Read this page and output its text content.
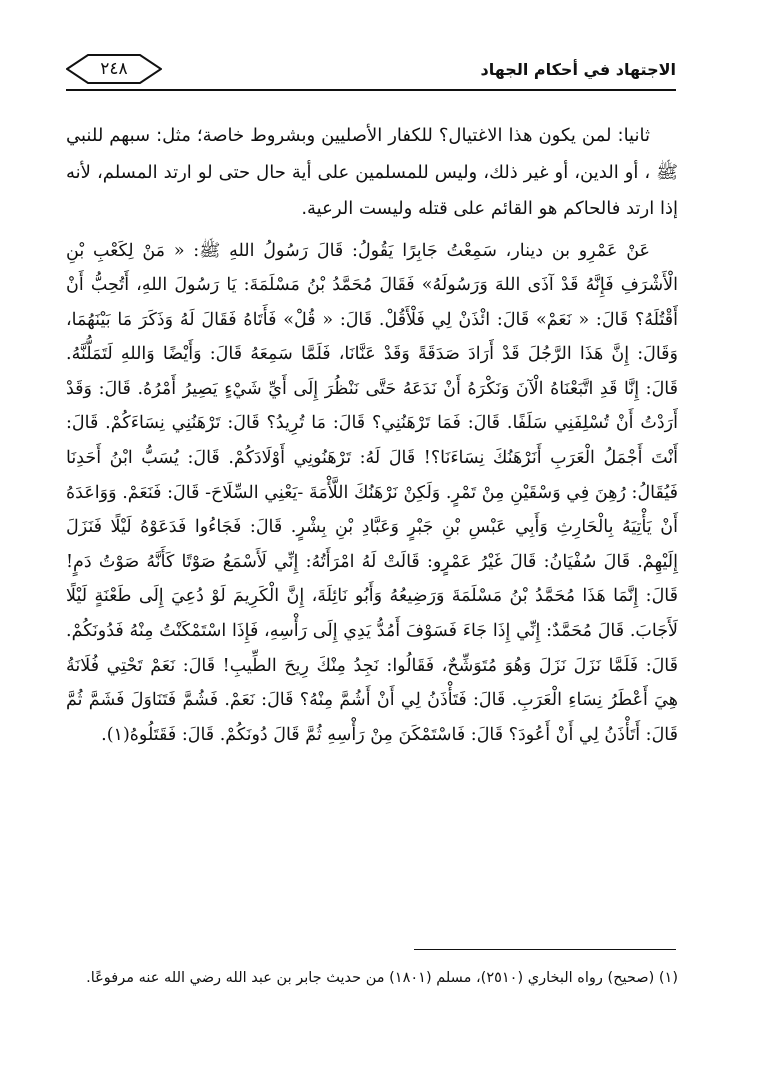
الاجتهاد في أحكام الجهاد
٢٤٨

ثانيا: لمن يكون هذا الاغتيال؟ للكفار الأصليين وبشروط خاصة؛ مثل: سبهم للنبي ﷺ ، أو الدين، أو غير ذلك، وليس للمسلمين على أية حال حتى لو ارتد المسلم، لأنه إذا ارتد فالحاكم هو القائم على قتله وليست الرعية.

عَنْ عَمْرِو بن دينار، سَمِعْتُ جَابِرًا يَقُولُ: قَالَ رَسُولُ اللهِ ﷺ: « مَنْ لِكَعْبِ بْنِ الْأَشْرَفِ فَإِنَّهُ قَدْ آذَى اللهَ وَرَسُولَهُ» فَقَالَ مُحَمَّدُ بْنُ مَسْلَمَةَ: يَا رَسُولَ اللهِ، أَتُحِبُّ أَنْ أَقْتُلَهُ؟ قَالَ: « نَعَمْ» قَالَ: ائْذَنْ لِي فَلْأَقُلْ. قَالَ: « قُلْ» فَأَتَاهُ فَقَالَ لَهُ وَذَكَرَ مَا بَيْنَهُمَا، وَقَالَ: إِنَّ هَذَا الرَّجُلَ قَدْ أَرَادَ صَدَقَةً وَقَدْ عَنَّانَا، فَلَمَّا سَمِعَهُ قَالَ: وَأَيْضًا وَاللهِ لَتَمَلُّنَّهُ. قَالَ: إِنَّا قَدِ اتَّبَعْنَاهُ الْآنَ وَنَكْرَهُ أَنْ نَدَعَهُ حَتَّى نَنْظُرَ إِلَى أَيِّ شَيْءٍ يَصِيرُ أَمْرُهُ. قَالَ: وَقَدْ أَرَدْتُ أَنْ تُسْلِفَنِي سَلَفًا. قَالَ: فَمَا تَرْهَنُنِي؟ قَالَ: مَا تُرِيدُ؟ قَالَ: تَرْهَنُنِي نِسَاءَكُمْ. قَالَ: أَنْتَ أَجْمَلُ الْعَرَبِ أَنَرْهَنُكَ نِسَاءَنَا؟! قَالَ لَهُ: تَرْهَنُونِي أَوْلَادَكُمْ. قَالَ: يُسَبُّ ابْنُ أَحَدِنَا فَيُقَالُ: رُهِنَ فِي وَسْقَيْنِ مِنْ تَمْرٍ. وَلَكِنْ نَرْهَنُكَ اللَّأْمَةَ -يَعْنِي السِّلَاحَ- قَالَ: فَنَعَمْ. وَوَاعَدَهُ أَنْ يَأْتِيَهُ بِالْحَارِثِ وَأَبِي عَبْسِ بْنِ جَبْرٍ وَعَبَّادِ بْنِ بِشْرٍ. قَالَ: فَجَاءُوا فَدَعَوْهُ لَيْلًا فَنَزَلَ إِلَيْهِمْ. قَالَ سُفْيَانُ: قَالَ غَيْرُ عَمْرٍو: قَالَتْ لَهُ امْرَأَتُهُ: إِنِّي لَأَسْمَعُ صَوْتًا كَأَنَّهُ صَوْتُ دَمٍ! قَالَ: إِنَّمَا هَذَا مُحَمَّدُ بْنُ مَسْلَمَةَ وَرَضِيعُهُ وَأَبُو نَائِلَةَ، إِنَّ الْكَرِيمَ لَوْ دُعِيَ إِلَى طَعْنَةٍ لَيْلًا لَأَجَابَ. قَالَ مُحَمَّدٌ: إِنِّي إِذَا جَاءَ فَسَوْفَ أَمُدُّ يَدِي إِلَى رَأْسِهِ، فَإِذَا اسْتَمْكَنْتُ مِنْهُ فَدُونَكُمْ. قَالَ: فَلَمَّا نَزَلَ نَزَلَ وَهُوَ مُتَوَشِّحٌ، فَقَالُوا: نَجِدُ مِنْكَ رِيحَ الطِّيبِ! قَالَ: نَعَمْ تَحْتِي فُلَانَةُ هِيَ أَعْطَرُ نِسَاءِ الْعَرَبِ. قَالَ: فَتَأْذَنُ لِي أَنْ أَشُمَّ مِنْهُ؟ قَالَ: نَعَمْ. فَشُمَّ فَتَنَاوَلَ فَشَمَّ ثُمَّ قَالَ: أَتَأْذَنُ لِي أَنْ أَعُودَ؟ قَالَ: فَاسْتَمْكَنَ مِنْ رَأْسِهِ ثُمَّ قَالَ دُونَكُمْ. قَالَ: فَقَتَلُوهُ(١).

(١) (صحيح) رواه البخاري (٢٥١٠)، مسلم (١٨٠١) من حديث جابر بن عبد الله رضي الله عنه مرفوعًا.
